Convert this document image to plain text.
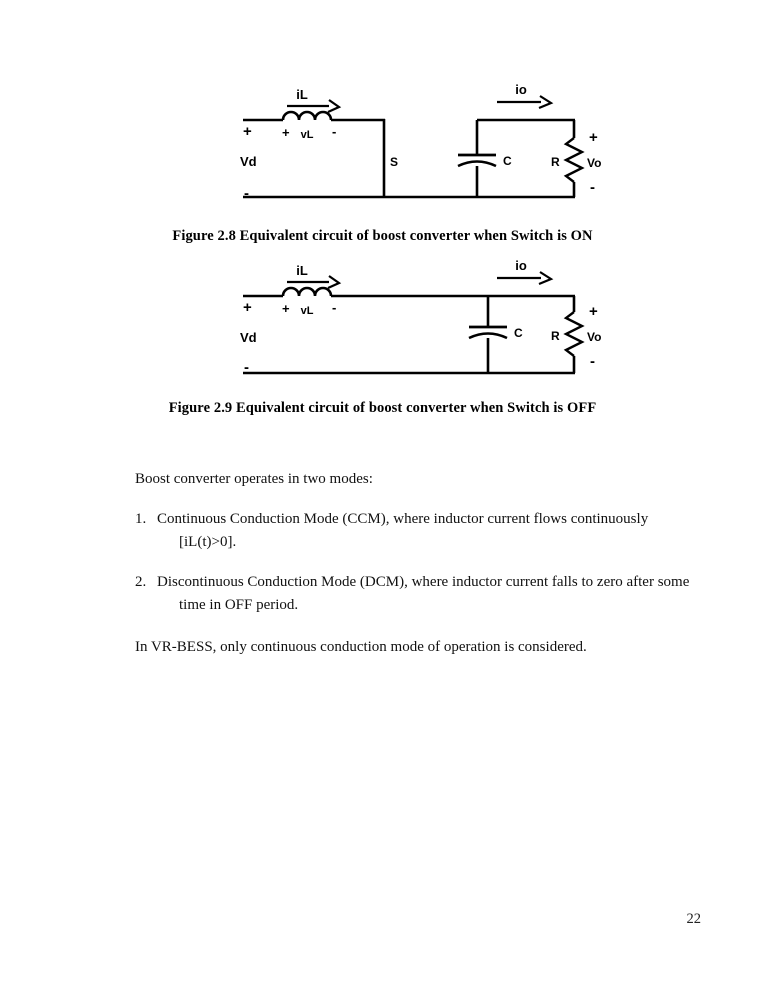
iL
+
Vd
-
+ vL -
S	C
io
R
+
Vo
-
Figure 2.8 Equivalent circuit of boost converter when Switch is ON
iL
+
Vd
-
+ vL -
C
io
R
+
Vo
-
Figure 2.9 Equivalent circuit of boost converter when Switch is OFF
Boost converter operates in two modes:
1. Continuous Conduction Mode (CCM), where inductor current flows continuously
[iL(t)>0].
2. Discontinuous Conduction Mode (DCM), where inductor current falls to zero after some
time in OFF period.
In VR-BESS, only continuous conduction mode of operation is considered.
22
